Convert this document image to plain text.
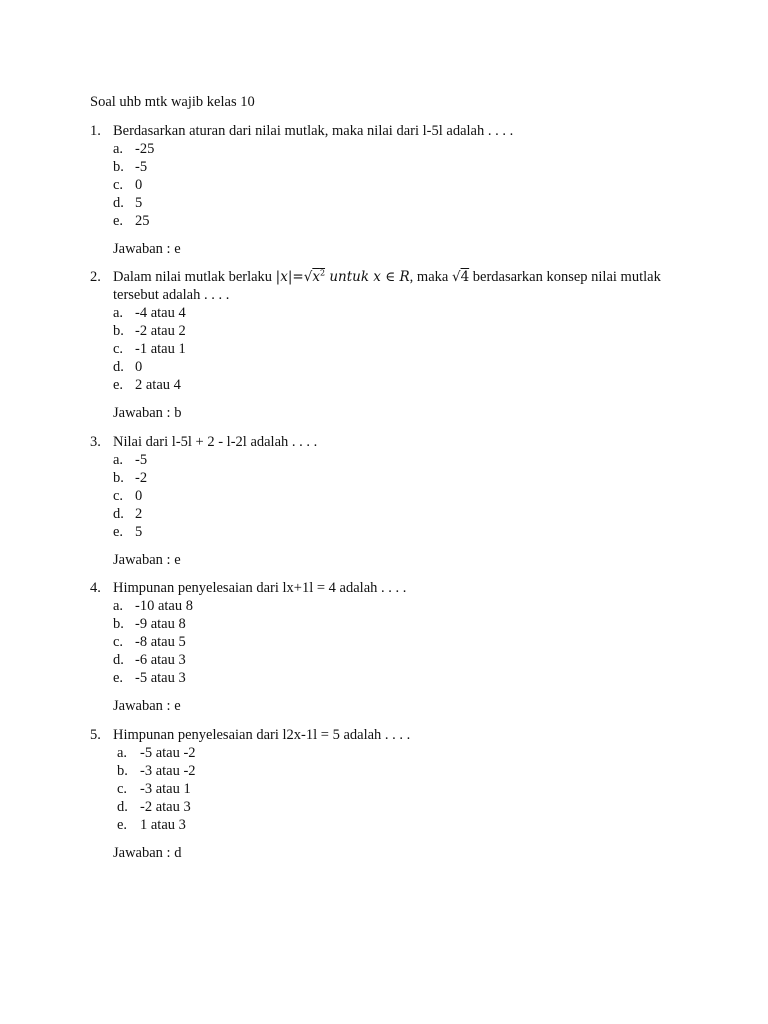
Soal uhb mtk wajib kelas 10
1. Berdasarkan aturan dari nilai mutlak, maka nilai dari l-5l adalah . . . .
a. -25
b. -5
c. 0
d. 5
e. 25
Jawaban : e
2. Dalam nilai mutlak berlaku $|x|=√x^2$ untuk x ∈ R, maka √4 berdasarkan konsep nilai mutlak
tersebut adalah . . . .
a. -4 atau 4
b. -2 atau 2
c. -1 atau 1
d. 0
e. 2 atau 4
Jawaban : b
3. Nilai dari l-5l + 2 - l-2l adalah . . . .
a. -5
b. -2
c. 0
d. 2
e. 5
Jawaban : e
4. Himpunan penyelesaian dari lx+1l = 4 adalah . . . .
a. -10 atau 8
b. -9 atau 8
c. -8 atau 5
d. -6 atau 3
e. -5 atau 3
Jawaban : e
5. Himpunan penyelesaian dari l2x-1l = 5 adalah . . . .
a. -5 atau -2
b. -3 atau -2
c. -3 atau 1
d. -2 atau 3
e. 1 atau 3
Jawaban : d
